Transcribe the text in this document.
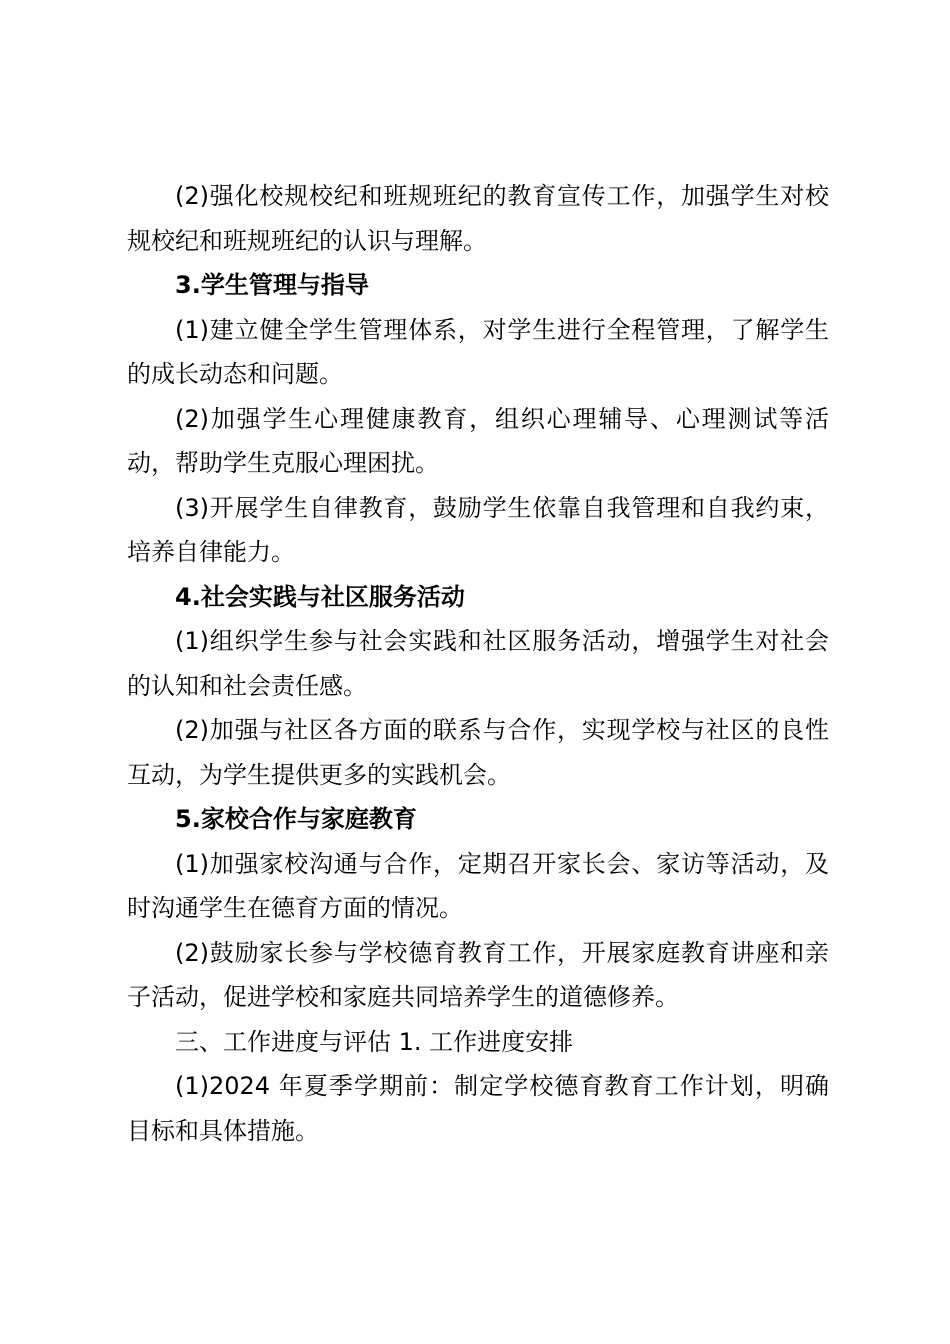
(2)强化校规校纪和班规班纪的教育宣传工作，加强学生对校规校纪和班规班纪的认识与理解。

3.学生管理与指导

(1)建立健全学生管理体系，对学生进行全程管理，了解学生的成长动态和问题。

(2)加强学生心理健康教育，组织心理辅导、心理测试等活动，帮助学生克服心理困扰。

(3)开展学生自律教育，鼓励学生依靠自我管理和自我约束，培养自律能力。

4.社会实践与社区服务活动

(1)组织学生参与社会实践和社区服务活动，增强学生对社会的认知和社会责任感。

(2)加强与社区各方面的联系与合作，实现学校与社区的良性互动，为学生提供更多的实践机会。

5.家校合作与家庭教育

(1)加强家校沟通与合作，定期召开家长会、家访等活动，及时沟通学生在德育方面的情况。

(2)鼓励家长参与学校德育教育工作，开展家庭教育讲座和亲子活动，促进学校和家庭共同培养学生的道德修养。

三、工作进度与评估 1. 工作进度安排

(1)2024 年夏季学期前：制定学校德育教育工作计划，明确目标和具体措施。
